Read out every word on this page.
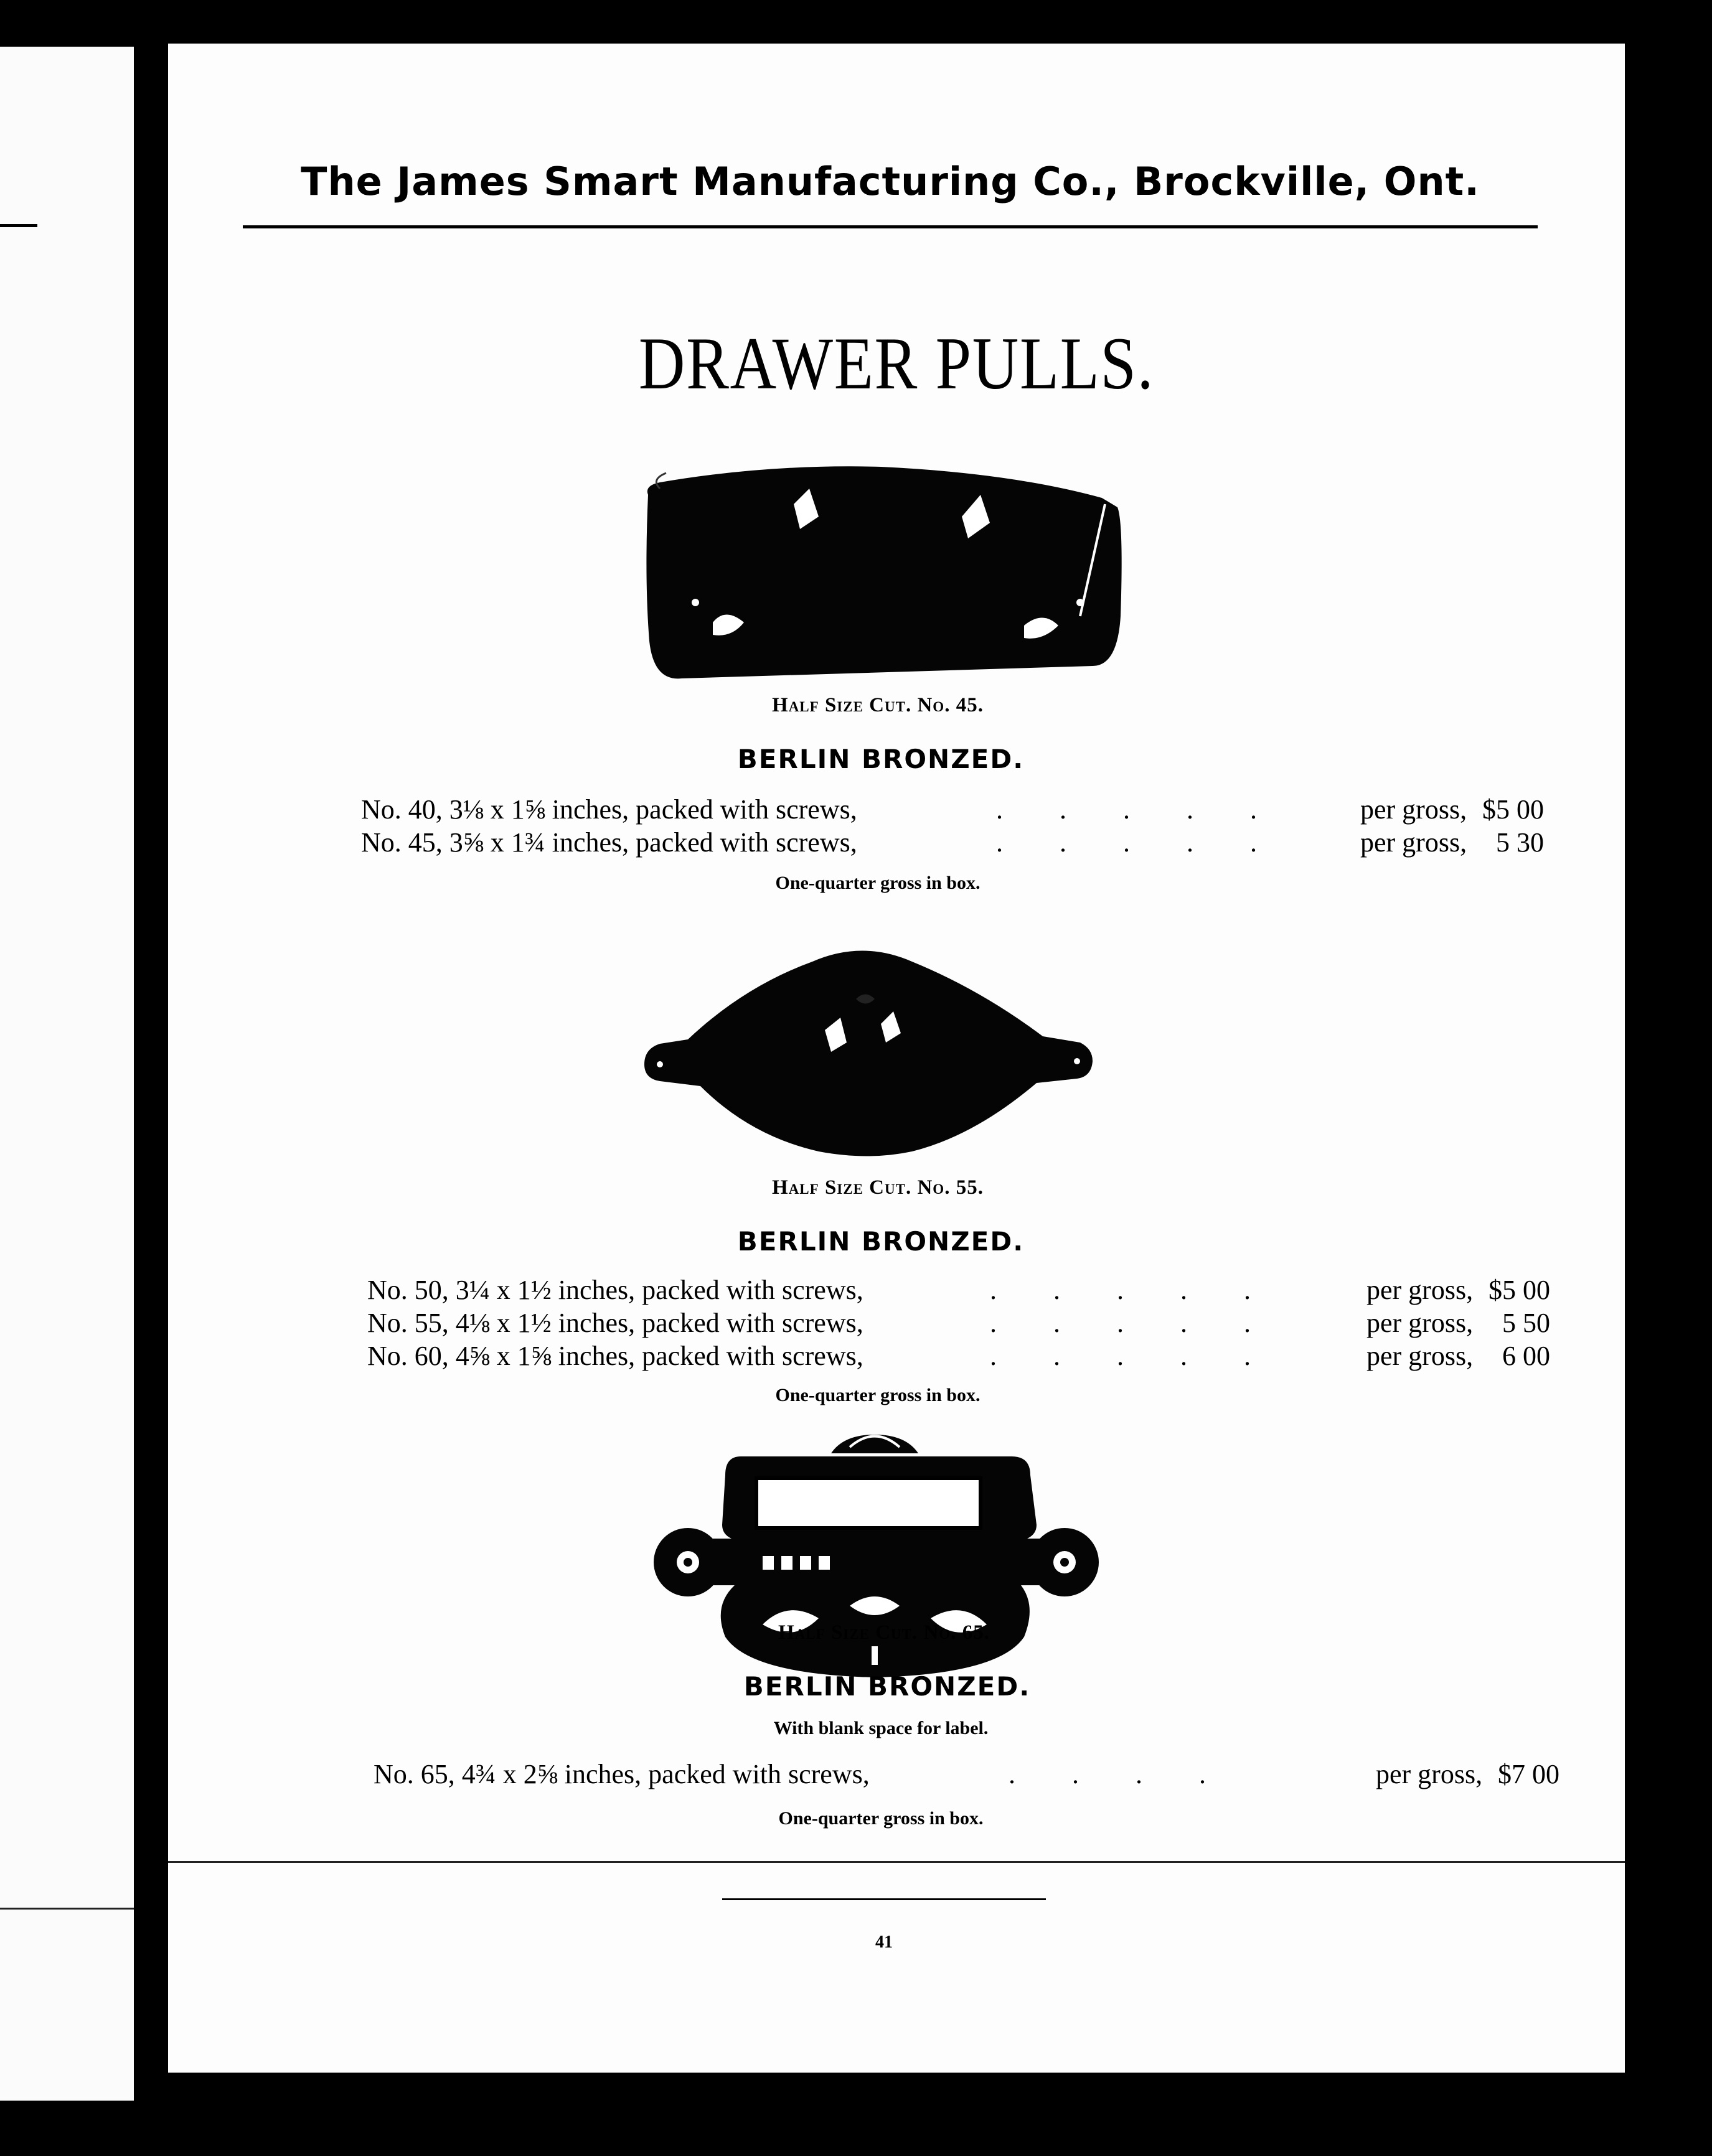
The James Smart Manufacturing Co., Brockville, Ont.
DRAWER PULLS.
Half Size Cut. No. 45.
BERLIN BRONZED.
No. 40, 3⅛ x 1⅝ inches, packed with screws,	. . . . .	per gross, $5 00
No. 45, 3⅝ x 1¾ inches, packed with screws,	. . . . .	per gross,	5 30
One-quarter gross in box.
Half Size Cut. No. 55.
BERLIN BRONZED.
No. 50, 3¼ x 1½ inches, packed with screws,	. . . . .	per gross, $5 00
No. 55, 4⅛ x 1½ inches, packed with screws,	. . . . .	per gross,	5 50
No. 60, 4⅝ x 1⅝ inches, packed with screws,	. . . . .	per gross,	6 00
One-quarter gross in box.
Half Size Cut. No. 65.
BERLIN BRONZED.
With blank space for label.
No. 65, 4¾ x 2⅝ inches, packed with screws,	. . . .	per gross, $7 00
One-quarter gross in box.
41
